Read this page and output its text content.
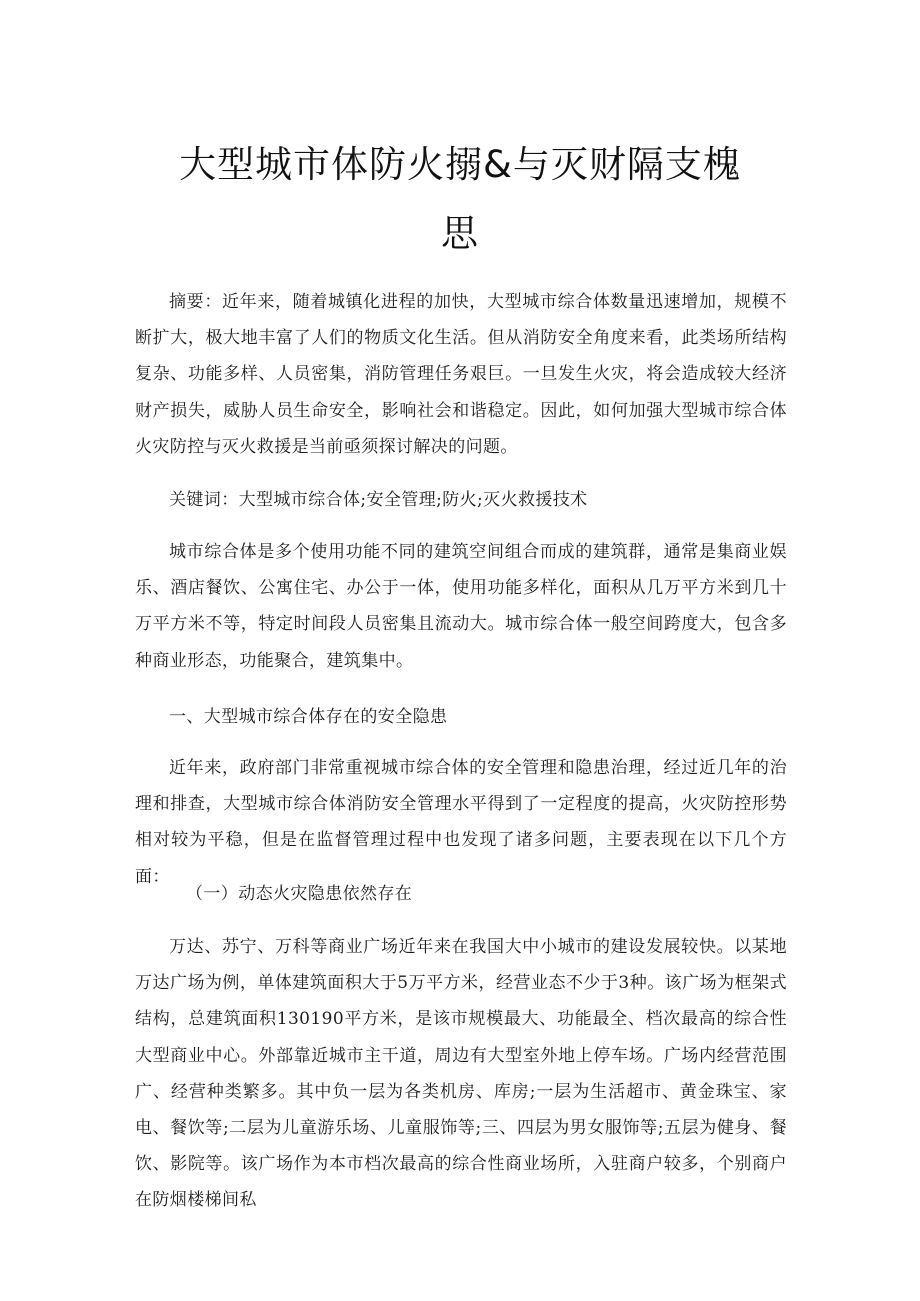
大型城市体防火搦&与灭财隔支槐
思
摘要：近年来，随着城镇化进程的加快，大型城市综合体数量迅速增加，规模不断扩大，极大地丰富了人们的物质文化生活。但从消防安全角度来看，此类场所结构复杂、功能多样、人员密集，消防管理任务艰巨。一旦发生火灾，将会造成较大经济财产损失，威胁人员生命安全，影响社会和谐稳定。因此，如何加强大型城市综合体火灾防控与灭火救援是当前亟须探讨解决的问题。
关键词：大型城市综合体;安全管理;防火;灭火救援技术
城市综合体是多个使用功能不同的建筑空间组合而成的建筑群，通常是集商业娱乐、酒店餐饮、公寓住宅、办公于一体，使用功能多样化，面积从几万平方米到几十万平方米不等，特定时间段人员密集且流动大。城市综合体一般空间跨度大，包含多种商业形态，功能聚合，建筑集中。
一、大型城市综合体存在的安全隐患
近年来，政府部门非常重视城市综合体的安全管理和隐患治理，经过近几年的治理和排查，大型城市综合体消防安全管理水平得到了一定程度的提高，火灾防控形势相对较为平稳，但是在监督管理过程中也发现了诸多问题，主要表现在以下几个方面：
（一）动态火灾隐患依然存在
万达、苏宁、万科等商业广场近年来在我国大中小城市的建设发展较快。以某地万达广场为例，单体建筑面积大于5万平方米，经营业态不少于3种。该广场为框架式结构，总建筑面积130190平方米，是该市规模最大、功能最全、档次最高的综合性大型商业中心。外部靠近城市主干道，周边有大型室外地上停车场。广场内经营范围广、经营种类繁多。其中负一层为各类机房、库房;一层为生活超市、黄金珠宝、家电、餐饮等;二层为儿童游乐场、儿童服饰等;三、四层为男女服饰等;五层为健身、餐饮、影院等。该广场作为本市档次最高的综合性商业场所，入驻商户较多，个别商户在防烟楼梯间私
